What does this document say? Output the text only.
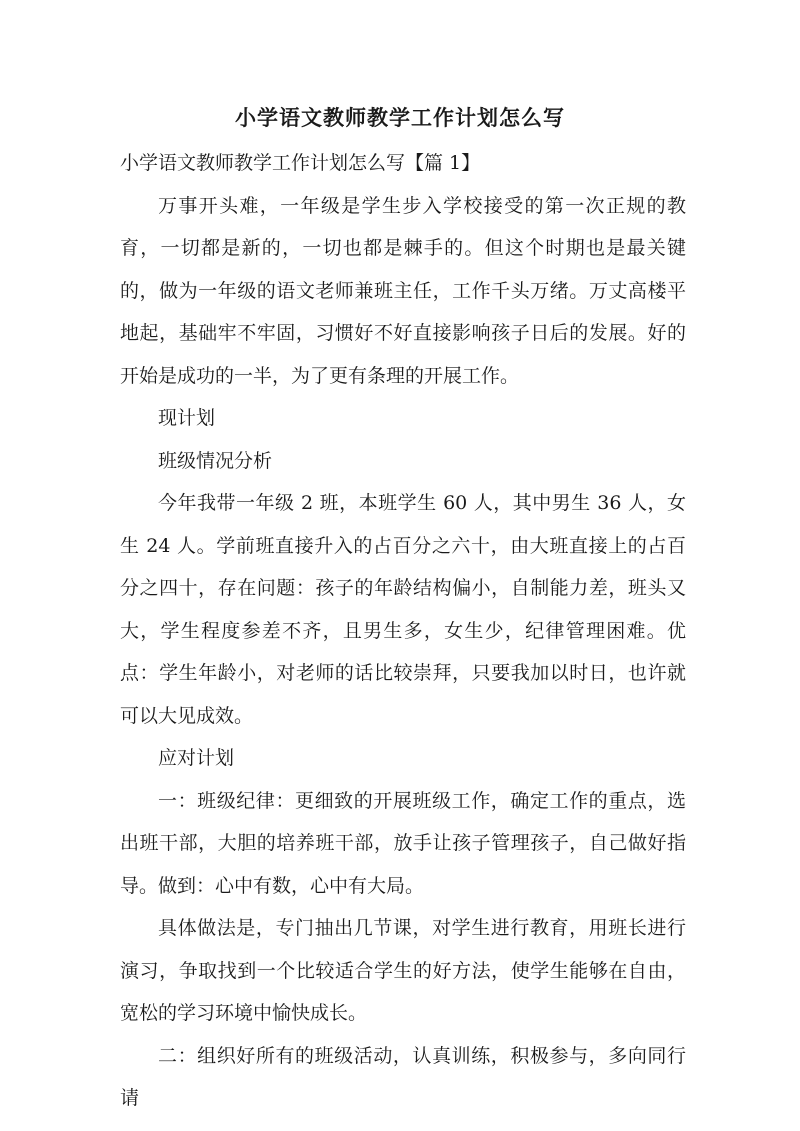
小学语文教师教学工作计划怎么写

小学语文教师教学工作计划怎么写【篇 1】

万事开头难，一年级是学生步入学校接受的第一次正规的教育，一切都是新的，一切也都是棘手的。但这个时期也是最关键的，做为一年级的语文老师兼班主任，工作千头万绪。万丈高楼平地起，基础牢不牢固，习惯好不好直接影响孩子日后的发展。好的开始是成功的一半，为了更有条理的开展工作。

现计划

班级情况分析

今年我带一年级 2 班，本班学生 60 人，其中男生 36 人，女生 24 人。学前班直接升入的占百分之六十，由大班直接上的占百分之四十，存在问题：孩子的年龄结构偏小，自制能力差，班头又大，学生程度参差不齐，且男生多，女生少，纪律管理困难。优点：学生年龄小，对老师的话比较崇拜，只要我加以时日，也许就可以大见成效。

应对计划

一：班级纪律：更细致的开展班级工作，确定工作的重点，选出班干部，大胆的培养班干部，放手让孩子管理孩子，自己做好指导。做到：心中有数，心中有大局。

具体做法是，专门抽出几节课，对学生进行教育，用班长进行演习，争取找到一个比较适合学生的好方法，使学生能够在自由，宽松的学习环境中愉快成长。

二：组织好所有的班级活动，认真训练，积极参与，多向同行请
